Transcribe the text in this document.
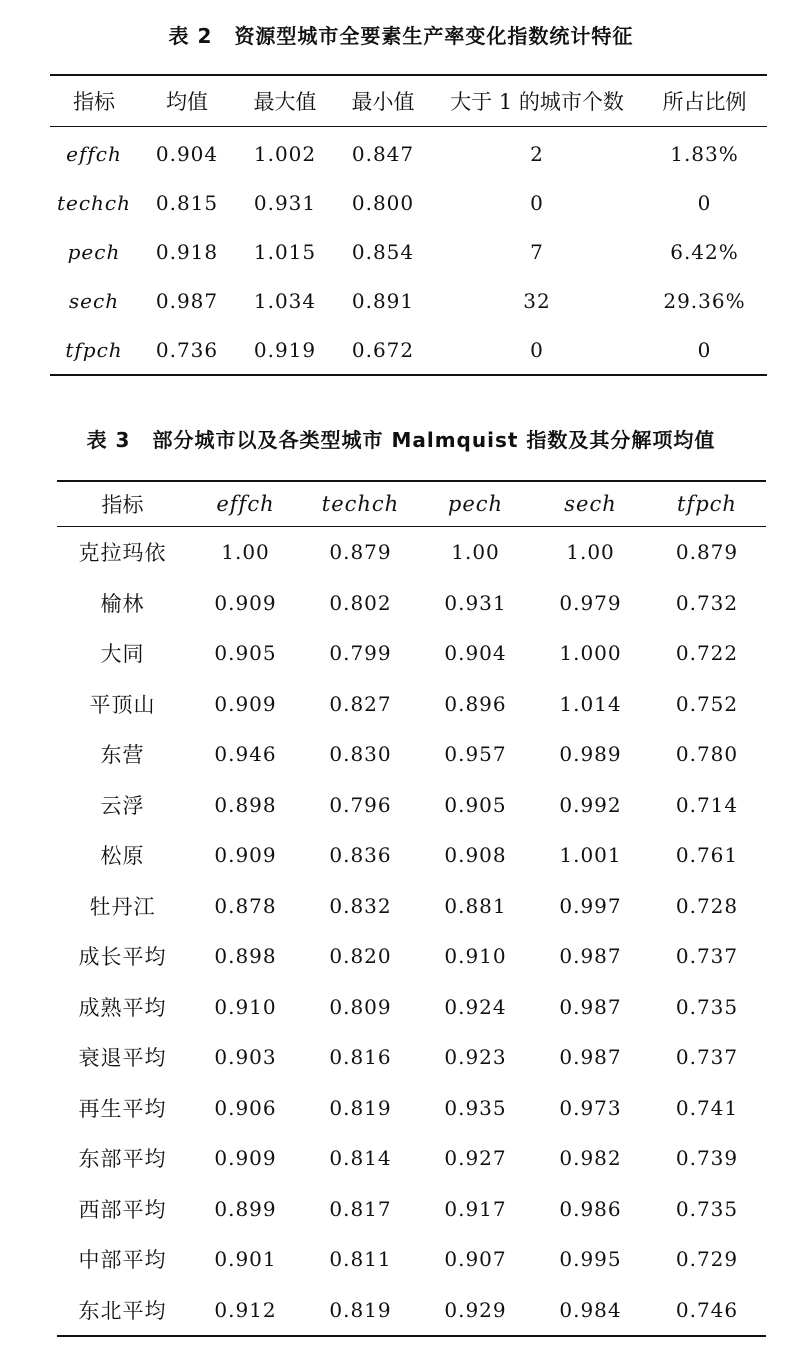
表 2 资源型城市全要素生产率变化指数统计特征
指标	均值	最大值	最小值	大于 1 的城市个数	所占比例
effch	0.904	1.002	0.847	2	1.83%
techch	0.815	0.931	0.800	0	0
pech	0.918	1.015	0.854	7	6.42%
sech	0.987	1.034	0.891	32	29.36%
tfpch	0.736	0.919	0.672	0	0
表 3 部分城市以及各类型城市 Malmquist 指数及其分解项均值
指标	effch	techch	pech	sech	tfpch
克拉玛依	1.00	0.879	1.00	1.00	0.879
榆林	0.909	0.802	0.931	0.979	0.732
大同	0.905	0.799	0.904	1.000	0.722
平顶山	0.909	0.827	0.896	1.014	0.752
东营	0.946	0.830	0.957	0.989	0.780
云浮	0.898	0.796	0.905	0.992	0.714
松原	0.909	0.836	0.908	1.001	0.761
牡丹江	0.878	0.832	0.881	0.997	0.728
成长平均	0.898	0.820	0.910	0.987	0.737
成熟平均	0.910	0.809	0.924	0.987	0.735
衰退平均	0.903	0.816	0.923	0.987	0.737
再生平均	0.906	0.819	0.935	0.973	0.741
东部平均	0.909	0.814	0.927	0.982	0.739
西部平均	0.899	0.817	0.917	0.986	0.735
中部平均	0.901	0.811	0.907	0.995	0.729
东北平均	0.912	0.819	0.929	0.984	0.746
